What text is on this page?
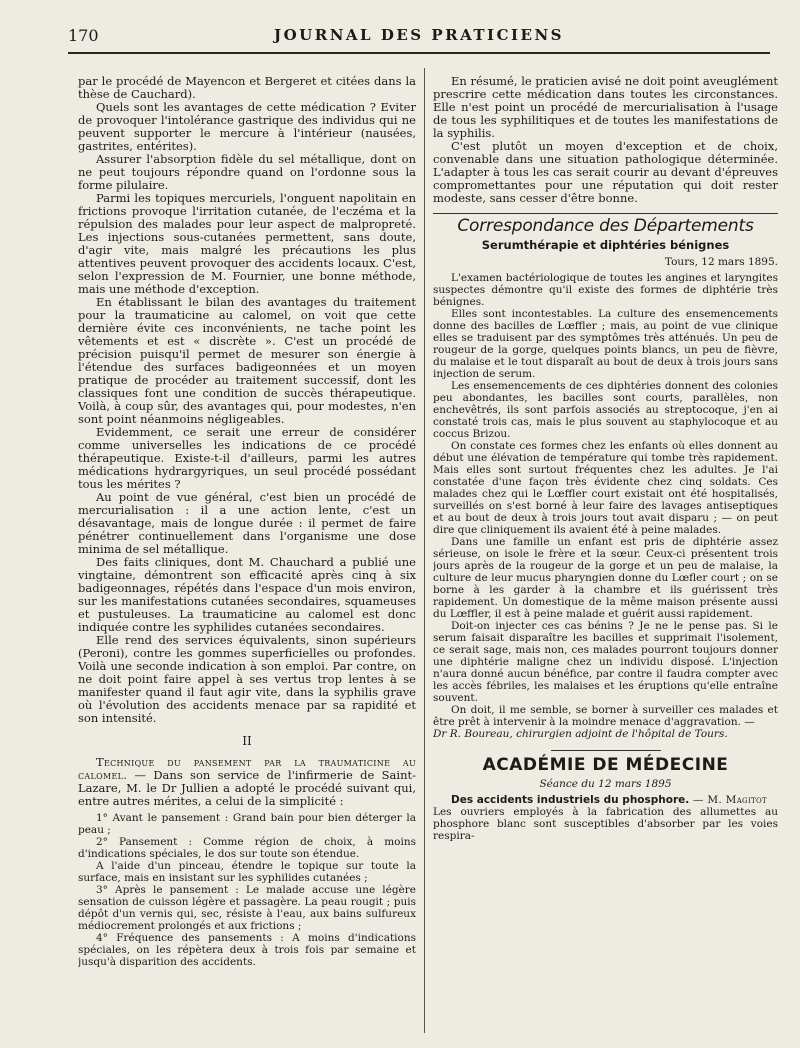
170	JOURNAL DES PRATICIENS

par le procédé de Mayencon et Bergeret et citées dans la thèse de Cauchard).

Quels sont les avantages de cette médication ? Eviter de provoquer l'intolérance gastrique des individus qui ne peuvent supporter le mercure à l'intérieur (nausées, gastrites, entérites).

Assurer l'absorption fidèle du sel métallique, dont on ne peut toujours répondre quand on l'ordonne sous la forme pilulaire.

Parmi les topiques mercuriels, l'onguent napolitain en frictions provoque l'irritation cutanée, de l'eczéma et la répulsion des malades pour leur aspect de malpropreté. Les injections sous-cutanées permettent, sans doute, d'agir vite, mais malgré les précautions les plus attentives peuvent provoquer des accidents locaux. C'est, selon l'expression de M. Fournier, une bonne méthode, mais une méthode d'exception.

En établissant le bilan des avantages du traitement pour la traumaticine au calomel, on voit que cette dernière évite ces inconvénients, ne tache point les vêtements et est « discrète ». C'est un procédé de précision puisqu'il permet de mesurer son énergie à l'étendue des surfaces badigeonnées et un moyen pratique de procéder au traitement successif, dont les classiques font une condition de succès thérapeutique. Voilà, à coup sûr, des avantages qui, pour modestes, n'en sont point néanmoins négligeables.

Evidemment, ce serait une erreur de considérer comme universelles les indications de ce procédé thérapeutique. Existe-t-il d'ailleurs, parmi les autres médications hydrargyriques, un seul procédé possédant tous les mérites ?

Au point de vue général, c'est bien un procédé de mercurialisation : il a une action lente, c'est un désavantage, mais de longue durée : il permet de faire pénétrer continuellement dans l'organisme une dose minima de sel métallique.

Des faits cliniques, dont M. Chauchard a publié une vingtaine, démontrent son efficacité après cinq à six badigeonnages, répétés dans l'espace d'un mois environ, sur les manifestations cutanées secondaires, squameuses et pustuleuses. La traumaticine au calomel est donc indiquée contre les syphilides cutanées secondaires.

Elle rend des services équivalents, sinon supérieurs (Peroni), contre les gommes superficielles ou profondes. Voilà une seconde indication à son emploi. Par contre, on ne doit point faire appel à ses vertus trop lentes à se manifester quand il faut agir vite, dans la syphilis grave où l'évolution des accidents menace par sa rapidité et son intensité.

II

Technique du pansement par la traumaticine au calomel. — Dans son service de l'infirmerie de Saint-Lazare, M. le Dr Jullien a adopté le procédé suivant qui, entre autres mérites, a celui de la simplicité :

1° Avant le pansement : Grand bain pour bien déterger la peau ;

2° Pansement : Comme région de choix, à moins d'indications spéciales, le dos sur toute son étendue.

A l'aide d'un pinceau, étendre le topique sur toute la surface, mais en insistant sur les syphilides cutanées ;

3° Après le pansement : Le malade accuse une légère sensation de cuisson légère et passagère. La peau rougit ; puis dépôt d'un vernis qui, sec, résiste à l'eau, aux bains sulfureux médiocrement prolongés et aux frictions ;

4° Fréquence des pansements : A moins d'indications spéciales, on les répètera deux à trois fois par semaine et jusqu'à disparition des accidents.

En résumé, le praticien avisé ne doit point aveuglément prescrire cette médication dans toutes les circonstances. Elle n'est point un procédé de mercurialisation à l'usage de tous les syphilitiques et de toutes les manifestations de la syphilis.

C'est plutôt un moyen d'exception et de choix, convenable dans une situation pathologique déterminée. L'adapter à tous les cas serait courir au devant d'épreuves compromettantes pour une réputation qui doit rester modeste, sans cesser d'être bonne.

Correspondance des Départements
Serumthérapie et diphtéries bénignes
Tours, 12 mars 1895.

L'examen bactériologique de toutes les angines et laryngites suspectes démontre qu'il existe des formes de diphtérie très bénignes.

Elles sont incontestables. La culture des ensemencements donne des bacilles de Lœffler ; mais, au point de vue clinique elles se traduisent par des symptômes très atténués. Un peu de rougeur de la gorge, quelques points blancs, un peu de fièvre, du malaise et le tout disparaît au bout de deux à trois jours sans injection de serum.

Les ensemencements de ces diphtéries donnent des colonies peu abondantes, les bacilles sont courts, parallèles, non enchevêtrés, ils sont parfois associés au streptocoque, j'en ai constaté trois cas, mais le plus souvent au staphylocoque et au coccus Brizou.

On constate ces formes chez les enfants où elles donnent au début une élévation de température qui tombe très rapidement. Mais elles sont surtout fréquentes chez les adultes. Je l'ai constatée d'une façon très évidente chez cinq soldats. Ces malades chez qui le Lœffler court existait ont été hospitalisés, surveillés on s'est borné à leur faire des lavages antiseptiques et au bout de deux à trois jours tout avait disparu ; — on peut dire que cliniquement ils avaient été à peine malades.

Dans une famille un enfant est pris de diphtérie assez sérieuse, on isole le frère et la sœur. Ceux-ci présentent trois jours après de la rougeur de la gorge et un peu de malaise, la culture de leur mucus pharyngien donne du Lœfler court ; on se borne à les garder à la chambre et ils guérissent très rapidement. Un domestique de la même maison présente aussi du Lœffler, il est à peine malade et guérit aussi rapidement.

Doit-on injecter ces cas bénins ? Je ne le pense pas. Si le serum faisait disparaître les bacilles et supprimait l'isolement, ce serait sage, mais non, ces malades pourront toujours donner une diphtérie maligne chez un individu disposé. L'injection n'aura donné aucun bénéfice, par contre il faudra compter avec les accès fébriles, les malaises et les éruptions qu'elle entraîne souvent.

On doit, il me semble, se borner à surveiller ces malades et être prêt à intervenir à la moindre menace d'aggravation. —

Dr R. Boureau, chirurgien adjoint de l'hôpital de Tours.

ACADÉMIE DE MÉDECINE
Séance du 12 mars 1895

Des accidents industriels du phosphore. — M. Magitot

Les ouvriers employés à la fabrication des allumettes au phosphore blanc sont susceptibles d'absorber par les voies respira-
